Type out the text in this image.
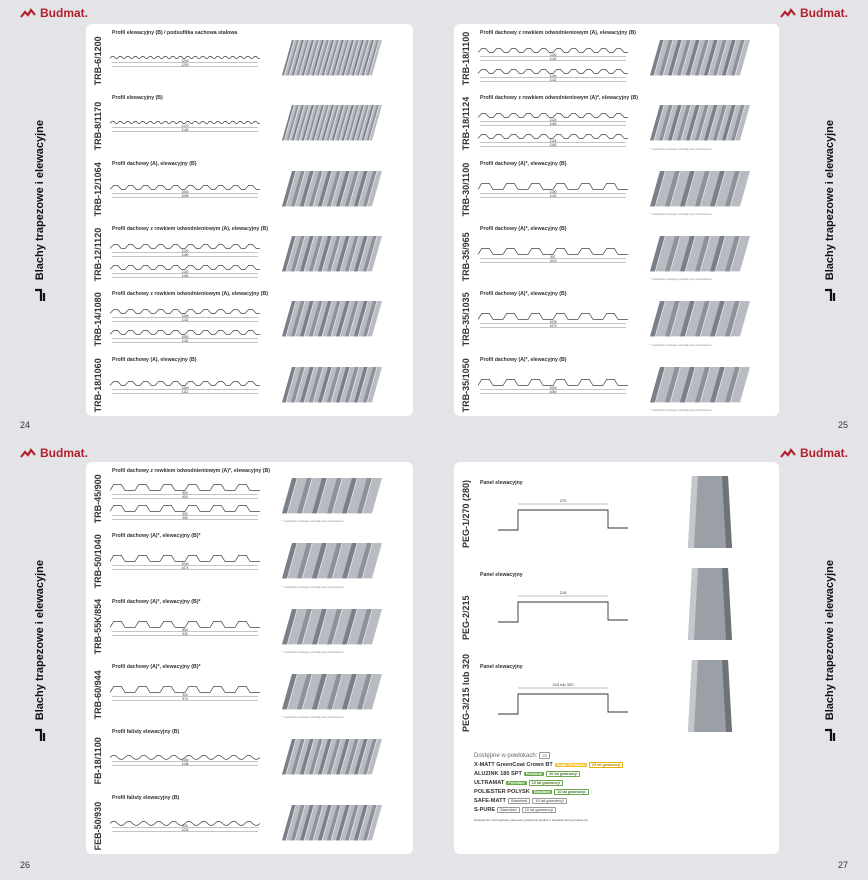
Budmat.
Blachy trapezowe i elewacyjne
TRB-6/1200
Profil elewacyjny (B) / podsufitka sachowa stalowa
1200
1250
TRB-8/1170
Profil elewacyjny (B)
1170
1149
TRB-12/1064 Profil dachowy (A), elewacyjny (B)
1064
1085
TRB-12/1120 Profil dachowy z rowkiem odwodnieniowym (A), elewacyjny (B)
1120
1160
1120
1160
TRB-14/1080 Profil dachowy z rowkiem odwodnieniowym (A), elewacyjny (B)
1080
1132
1080
1132
TRB-18/1060 Profil dachowy (A), elewacyjny (B)
1060
1112
24
Budmat.
Blachy trapezowe i elewacyjne
TRB-18/1100 Profil dachowy z rowkiem odwodnieniowym (A), elewacyjny (B)
1100
1132
1100
1132
TRB-18/1124 Profil dachowy z rowkiem odwodnieniowym (A)*, elewacyjny (B)
1124
1163
1124
1163
* możliwość pełnego przewiju w/g zamówienia
TRB-30/1100 Profil dachowy (A)*, elewacyjny (B)
1100
1130
* możliwość pełnego przewiju w/g zamówienia
TRB-35/965
Profil dachowy (A)*, elewacyjny (B)
957
1010
* możliwość pełnego przewiju w/g zamówienia
TRB-35/1035 Profil dachowy (A)*, elewacyjny (B)
1035
1079
* możliwość pełnego przewiju w/g zamówienia
TRB-35/1050 Profil dachowy (A)*, elewacyjny (B)
1050
1080
* możliwość pełnego przewiju w/g zamówienia
25
Budmat.
Blachy trapezowe i elewacyjne
TRB-45/900
Profil dachowy z rowkiem odwodnieniowym (A)*, elewacyjny (B)
900
950
900
950
* możliwość pełnego przewiju w/g zamówienia
TRB-50/1040 Profil dachowy (A)*, elewacyjny (B)*
1040
1074
* możliwość pełnego przewiju w/g zamówienia
TRB-55K/854 Profil dachowy (A)*, elewacyjny (B)*
854
930
* możliwość pełnego przewiju w/g zamówienia
TRB-60/944
Profil dachowy (A)*, elewacyjny (B)*
944
974
* możliwość pełnego przewiju w/g zamówienia
FB-18/1100
Profil falisty elewacyjny (B)
1100
1138
FEB-50/930
Profil falisty elewacyjny (B)
930
1032
26
Budmat.
Blachy trapezowe i elewacyjne
PEG-3/215 lub 320 Panel elewacyjny
215 lub 320
PEG-2/215
Panel elewacyjny
215
PEG-1/270 (280) Panel elewacyjny
270
Dostępne w powłokach:	25
X-MATT GreenCoat Crown BT	Super Premium	25 lat gwarancji
ALUZINK 185 SPT	Premium	20 lat gwarancji
ULTRAMAT	Premium	15 lat gwarancji
POLIESTER POLYSK	Standard	10 lat gwarancji
SAFE-MATT	Standard	10 lat gwarancji
S-PURE	Standard	10 lat gwarancji
Dostępność i szczegółowe parametry gwarancji zgodnie z aktualną ofertą producenta.
27
